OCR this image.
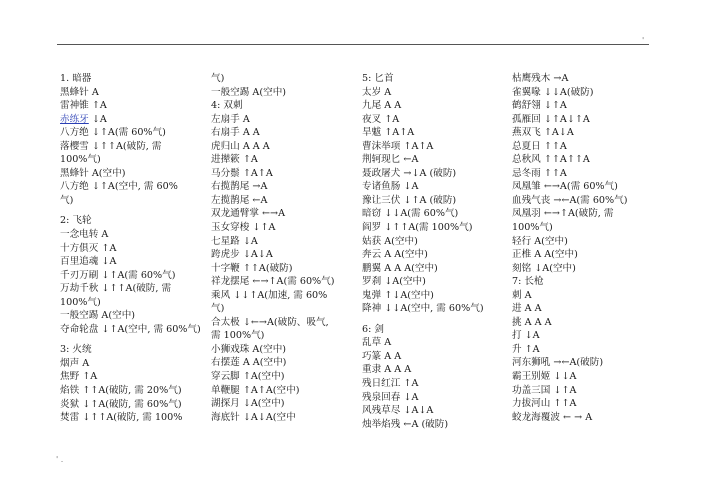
'
' .
1. 暗器
黑蜂针 A
雷神锥 ↑A
赤练牙 ↓A
八方绝 ↓↑A(需 60%气)
落樱雪 ↓↑↑A(破防, 需
100%气)
黑蜂针 A(空中)
八方绝 ↓↑A(空中, 需 60%
气)
2: 飞轮
一念电转 A
十方俱灭 ↑A
百里追魂 ↓A
千刃万刷 ↓↑A(需 60%气)
万劫千秋 ↓↑↑A(破防, 需
100%气)
一般空踢 A(空中)
夺命轮盘 ↓↑A(空中, 需 60%气)
3: 火统
烟声 A
焦野 ↑A
焰铁 ↑↑A(破防, 需 20%气)
炎狱 ↓↑A(破防, 需 60%气)
焚雷 ↓↑↑A(破防, 需 100%
气)
一般空踢 A(空中)
4: 双刺
左扇手 A
右扇手 A A
虎归山 A A A
进撵簌 ↑A
马分鬃 ↑A↑A
右揽鹊尾 →A
左揽鹊尾 ←A
双龙通臂掌 ←→A
玉女穿梭 ↓↑A
七星路 ↓A
跨虎步 ↓A↓A
十字鞭 ↑↑A(破防)
祥龙摆尾 ←→↑A(需 60%气)
乘风 ↓↓↑A(加速, 需 60%
气)
合太极 ↓←→A(破防、吸气,
需 100%气)
小狮戏珠 A(空中)
右摆莲 A A(空中)
穿云脚 ↑A(空中)
单鞭腿 ↑A↑A(空中)
湖探月 ↓A(空中)
海底针 ↓A↓A(空中
5: 匕首
太岁 A
九尾 A A
夜叉 ↑A
旱魃 ↑A↑A
曹沫举项 ↑A↑A
荆轲现匕 ←A
聂政屠犬 →↓A (破防)
专诸鱼肠 ↓A
豫让三伏 ↓↑A (破防)
暗窃 ↓↓A(需 60%气)
阎罗 ↓↑↑A(需 100%气)
姑获 A(空中)
奔云 A A(空中)
鹏翼 A A A(空中)
罗刹 ↓A(空中)
鬼弹 ↑↓A(空中)
降神 ↓↓A(空中, 需 60%气)
6: 剑
乱草 A
巧篆 A A
重隶 A A A
残日红江 ↑A
残泉回春 ↓A
风残草尽 ↓A↓A
烛举焰残 ←A (破防)
枯鹰残木 →A
雀翼喙 ↓↓A(破防)
鹤舒翎 ↓↑A
孤雁回 ↓↑A↓↑A
燕双飞 ↑A↓A
总夏日 ↑↑A
总秋风 ↑↑A↑↑A
忌冬雨 ↑↑A
凤凰雏 ←→A(需 60%气)
血残气丧 →←A(需 60%气)
凤凰羽 ←→↑A(破防, 需
100%气)
轻行 A(空中)
正椎 A A(空中)
刻铭 ↓A(空中)
7: 长枪
刺 A
进 A A
挑 A A A
打 ↓A
升 ↑A
河东狮吼 →←A(破防)
霸王别姬 ↓↓A
功盖三国 ↓↑A
力拔河山 ↑↑A
蛟龙海覆波 ← → A
